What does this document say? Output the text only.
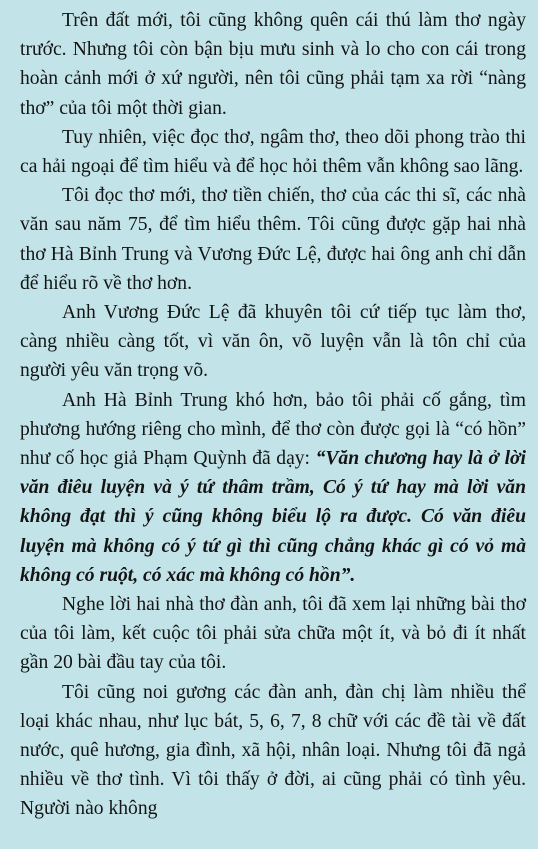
Trên đất mới, tôi cũng không quên cái thú làm thơ ngày trước. Nhưng tôi còn bận bịu mưu sinh và lo cho con cái trong hoàn cảnh mới ở xứ người, nên tôi cũng phải tạm xa rời “nàng thơ” của tôi một thời gian.

Tuy nhiên, việc đọc thơ, ngâm thơ, theo dõi phong trào thi ca hải ngoại để tìm hiểu và để học hỏi thêm vẫn không sao lãng.

Tôi đọc thơ mới, thơ tiền chiến, thơ của các thi sĩ, các nhà văn sau năm 75, để tìm hiểu thêm. Tôi cũng được gặp hai nhà thơ Hà Bỉnh Trung và Vương Đức Lệ, được hai ông anh chỉ dẫn để hiểu rõ về thơ hơn.

Anh Vương Đức Lệ đã khuyên tôi cứ tiếp tục làm thơ, càng nhiều càng tốt, vì văn ôn, võ luyện vẫn là tôn chỉ của người yêu văn trọng võ.

Anh Hà Bỉnh Trung khó hơn, bảo tôi phải cố gắng, tìm phương hướng riêng cho mình, để thơ còn được gọi là “có hồn” như cố học giả Phạm Quỳnh đã dạy: “Văn chương hay là ở lời văn điêu luyện và ý tứ thâm trầm, Có ý tứ hay mà lời văn không đạt thì ý cũng không biểu lộ ra được. Có văn điêu luyện mà không có ý tứ gì thì cũng chẳng khác gì có vỏ mà không có ruột, có xác mà không có hồn”.

Nghe lời hai nhà thơ đàn anh, tôi đã xem lại những bài thơ của tôi làm, kết cuộc tôi phải sửa chữa một ít, và bỏ đi ít nhất gần 20 bài đầu tay của tôi.

Tôi cũng noi gương các đàn anh, đàn chị làm nhiều thể loại khác nhau, như lục bát, 5, 6, 7, 8 chữ với các đề tài về đất nước, quê hương, gia đình, xã hội, nhân loại. Nhưng tôi đã ngả nhiều về thơ tình. Vì tôi thấy ở đời, ai cũng phải có tình yêu. Người nào không
